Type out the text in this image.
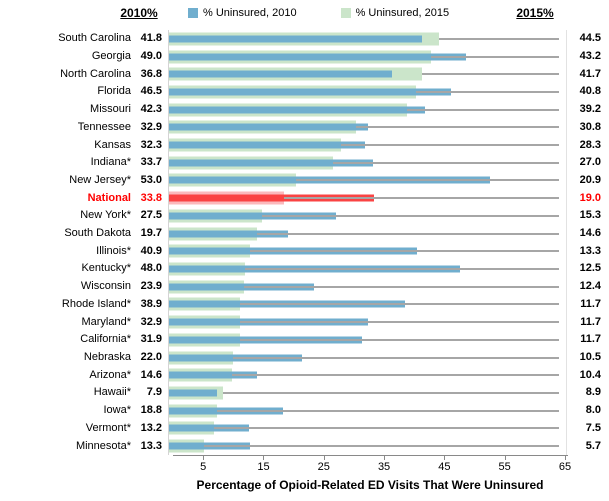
2010%	% Uninsured, 2010	% Uninsured, 2015	2015%
South Carolina 41.8	44.5
Georgia 49.0	43.2
North Carolina 36.8	41.7
Florida 46.5	40.8
Missouri 42.3	39.2
Tennessee 32.9	30.8
Kansas 32.3	28.3
Indiana* 33.7	27.0
New Jersey* 53.0	20.9
National 33.8	19.0
New York* 27.5	15.3
South Dakota 19.7	14.6
Illinois* 40.9	13.3
Kentucky* 48.0	12.5
Wisconsin 23.9	12.4
Rhode Island* 38.9	11.7
Maryland* 32.9	11.7
California* 31.9	11.7
Nebraska 22.0	10.5
Arizona* 14.6	10.4
Hawaii*	7.9	8.9
Iowa* 18.8	8.0
Vermont* 13.2	7.5
Minnesota* 13.3	5.7
5	15	25	35	45	55	65
Percentage of Opioid-Related ED Visits That Were Uninsured
